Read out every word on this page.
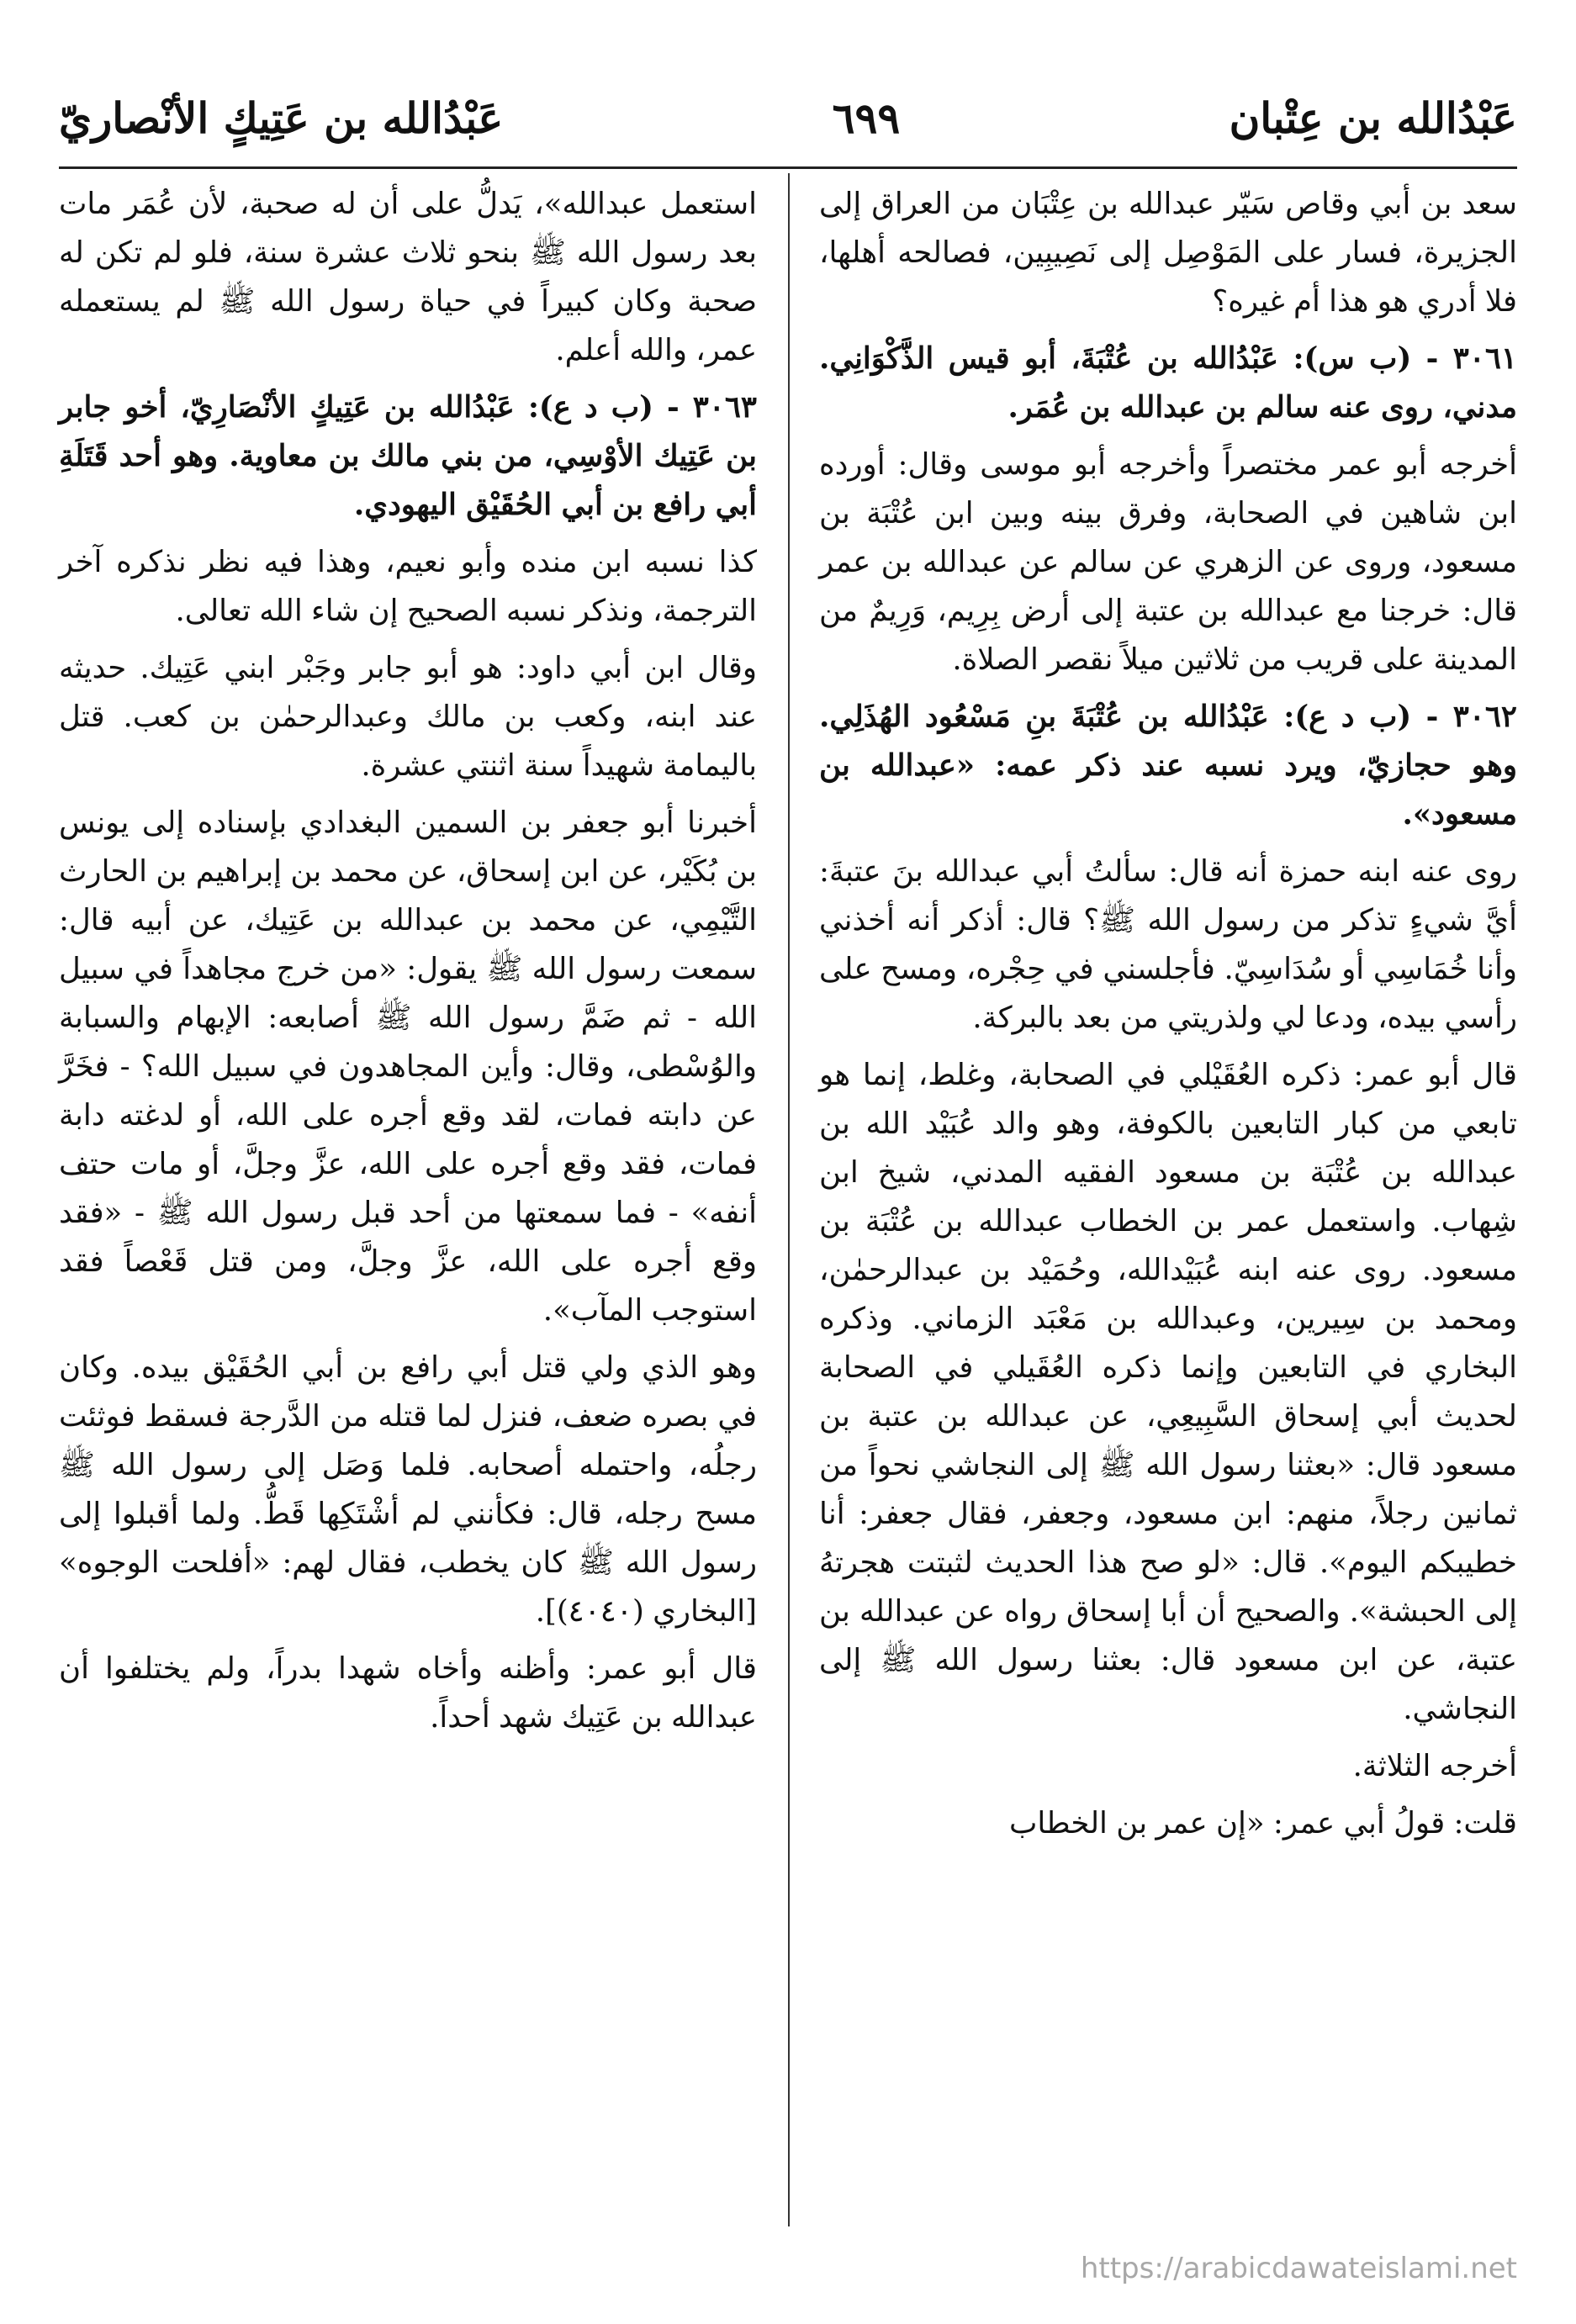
عَبْدُالله بن عِتْبان
٦٩٩
عَبْدُالله بن عَتِيكٍ الأنْصاريّ

سعد بن أبي وقاص سَيّر عبدالله بن عِتْبَان من العراق إلى الجزيرة، فسار على المَوْصِل إلى نَصِيبِين، فصالحه أهلها، فلا أدري هو هذا أم غيره؟

٣٠٦١ - (ب س): عَبْدُالله بن عُتْبَةَ، أبو قيس الذَّكْوَانِي. مدني، روى عنه سالم بن عبدالله بن عُمَر.

أخرجه أبو عمر مختصراً وأخرجه أبو موسى وقال: أورده ابن شاهين في الصحابة، وفرق بينه وبين ابن عُتْبَة بن مسعود، وروى عن الزهري عن سالم عن عبدالله بن عمر قال: خرجنا مع عبدالله بن عتبة إلى أرض بِرِيم، وَرِيمٌ من المدينة على قريب من ثلاثين ميلاً نقصر الصلاة.

٣٠٦٢ - (ب د ع): عَبْدُالله بن عُتْبَةَ بنِ مَسْعُود الهُذَلِي. وهو حجازيّ، ويرد نسبه عند ذكر عمه: «عبدالله بن مسعود».

روى عنه ابنه حمزة أنه قال: سألتُ أبي عبدالله بنَ عتبةَ: أيَّ شيءٍ تذكر من رسول الله ﷺ؟ قال: أذكر أنه أخذني وأنا خُمَاسِي أو سُدَاسِيّ. فأجلسني في حِجْره، ومسح على رأسي بيده، ودعا لي ولذريتي من بعد بالبركة.

قال أبو عمر: ذكره العُقَيْلي في الصحابة، وغلط، إنما هو تابعي من كبار التابعين بالكوفة، وهو والد عُبَيْد الله بن عبدالله بن عُتْبَة بن مسعود الفقيه المدني، شيخ ابن شِهاب. واستعمل عمر بن الخطاب عبدالله بن عُتْبَة بن مسعود. روى عنه ابنه عُبَيْدالله، وحُمَيْد بن عبدالرحمٰن، ومحمد بن سِيرين، وعبدالله بن مَعْبَد الزماني. وذكره البخاري في التابعين وإنما ذكره العُقَيلي في الصحابة لحديث أبي إسحاق السَّبِيعِي، عن عبدالله بن عتبة بن مسعود قال: «بعثنا رسول الله ﷺ إلى النجاشي نحواً من ثمانين رجلاً، منهم: ابن مسعود، وجعفر، فقال جعفر: أنا خطيبكم اليوم». قال: «لو صح هذا الحديث لثبتت هجرتهُ إلى الحبشة». والصحيح أن أبا إسحاق رواه عن عبدالله بن عتبة، عن ابن مسعود قال: بعثنا رسول الله ﷺ إلى النجاشي.

أخرجه الثلاثة.

قلت: قولُ أبي عمر: «إن عمر بن الخطاب

استعمل عبدالله»، يَدلُّ على أن له صحبة، لأن عُمَر مات بعد رسول الله ﷺ بنحو ثلاث عشرة سنة، فلو لم تكن له صحبة وكان كبيراً في حياة رسول الله ﷺ لم يستعمله عمر، والله أعلم.

٣٠٦٣ - (ب د ع): عَبْدُالله بن عَتِيكٍ الأنْصَارِيّ، أخو جابر بن عَتِيك الأوْسِي، من بني مالك بن معاوية. وهو أحد قَتَلَةِ أبي رافع بن أبي الحُقَيْق اليهودي.

كذا نسبه ابن منده وأبو نعيم، وهذا فيه نظر نذكره آخر الترجمة، ونذكر نسبه الصحيح إن شاء الله تعالى.

وقال ابن أبي داود: هو أبو جابر وجَبْر ابني عَتِيك. حديثه عند ابنه، وكعب بن مالك وعبدالرحمٰن بن كعب. قتل باليمامة شهيداً سنة اثنتي عشرة.

أخبرنا أبو جعفر بن السمين البغدادي بإسناده إلى يونس بن بُكَيْر، عن ابن إسحاق، عن محمد بن إبراهيم بن الحارث التَّيْمِي، عن محمد بن عبدالله بن عَتِيك، عن أبيه قال: سمعت رسول الله ﷺ يقول: «من خرج مجاهداً في سبيل الله - ثم ضَمَّ رسول الله ﷺ أصابعه: الإبهام والسبابة والوُسْطى، وقال: وأين المجاهدون في سبيل الله؟ - فخَرَّ عن دابته فمات، لقد وقع أجره على الله، أو لدغته دابة فمات، فقد وقع أجره على الله، عزَّ وجلَّ، أو مات حتف أنفه» - فما سمعتها من أحد قبل رسول الله ﷺ - «فقد وقع أجره على الله، عزَّ وجلَّ، ومن قتل قَعْصاً فقد استوجب المآب».

وهو الذي ولي قتل أبي رافع بن أبي الحُقَيْق بيده. وكان في بصره ضعف، فنزل لما قتله من الدَّرجة فسقط فوثئت رجلُه، واحتمله أصحابه. فلما وَصَل إلى رسول الله ﷺ مسح رجله، قال: فكأنني لم أشْتَكِها قَطُّ. ولما أقبلوا إلى رسول الله ﷺ كان يخطب، فقال لهم: «أفلحت الوجوه» [البخاري (٤٠٤٠)].

قال أبو عمر: وأظنه وأخاه شهدا بدراً، ولم يختلفوا أن عبدالله بن عَتِيك شهد أحداً.

https://arabicdawateislami.net
